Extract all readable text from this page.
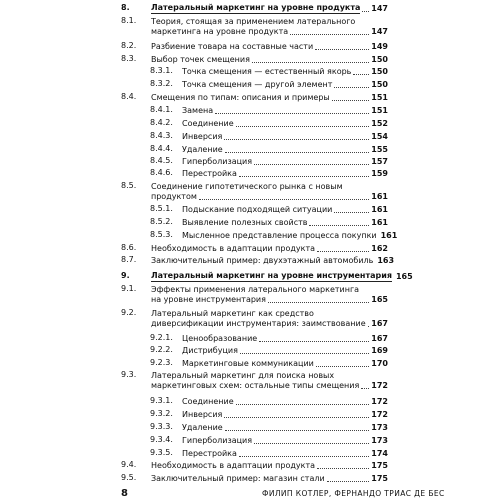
8.	Латеральный маркетинг на уровне продукта 147
8.1. Теория, стоящая за применением латерального
маркетинга на уровне продукта	147
8.2. Разбиение товара на составные части	149
8.3. Выбор точек смещения	150
8.3.1. Точка смещения — естественный якорь 150
8.3.2. Точка смещения — другой элемент	150
8.4. Смещения по типам: описания и примеры	151
8.4.1. Замена	151
8.4.2. Соединение	152
8.4.3. Инверсия	154
8.4.4. Удаление	155
8.4.5. Гиперболизация	157
8.4.6. Перестройка	159
8.5. Соединение гипотетического рынка с новым
продуктом	161
8.5.1. Подыскание подходящей ситуации	161
8.5.2. Выявление полезных свойств	161
8.5.3. Мысленное представление процесса покупки 161
8.6. Необходимость в адаптации продукта	162
8.7. Заключительный пример: двухэтажный автомобиль 163
9.	Латеральный маркетинг на уровне инструментария 165
9.1. Эффекты применения латерального маркетинга
на уровне инструментария	165
9.2. Латеральный маркетинг как средство
диверсификации инструментария: заимствование 167
9.2.1. Ценообразование	167
9.2.2. Дистрибуция	169
9.2.3. Маркетинговые коммуникации	170
9.3. Латеральный маркетинг для поиска новых
маркетинговых схем: остальные типы смещения 172
9.3.1. Соединение	172
9.3.2. Инверсия	172
9.3.3. Удаление	173
9.3.4. Гиперболизация	173
9.3.5. Перестройка	174
9.4. Необходимость в адаптации продукта	175
9.5. Заключительный пример: магазин стали	175
8	ФИЛИП КОТЛЕР, ФЕРНАНДО ТРИАС ДЕ БЕС
